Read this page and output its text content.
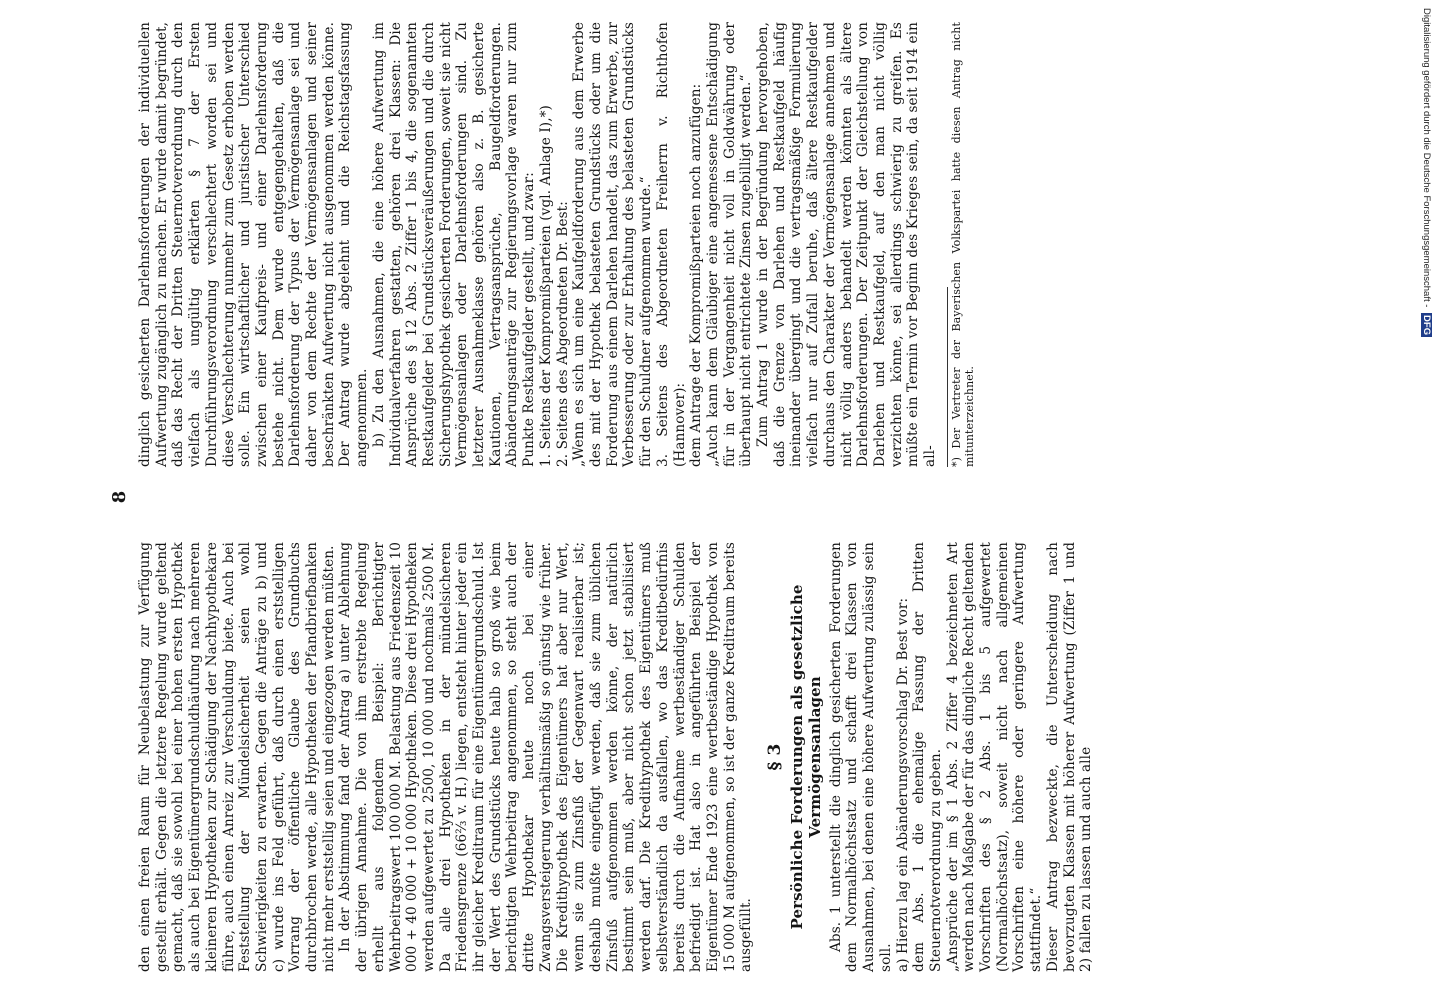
8

den einen freien Raum für Neubelastung zur Verfügung gestellt erhält. Gegen die letztere Regelung wurde geltend gemacht, daß sie sowohl bei einer hohen ersten Hypothek als auch bei Eigentümergrundschuldhäufung nach mehreren kleineren Hypotheken zur Schädigung der Nachhypothekare führe, auch einen Anreiz zur Verschuldung biete. Auch bei Feststellung der Mündelsicherheit seien wohl Schwierigkeiten zu erwarten. Gegen die Anträge zu b) und c) wurde ins Feld geführt, daß durch einen erststelligen Vorrang der öffentliche Glaube des Grundbuchs durchbrochen werde, alle Hypotheken der Pfandbriefbanken nicht mehr erststellig seien und eingezogen werden müßten. In der Abstimmung fand der Antrag a) unter Ablehnung der übrigen Annahme. Die von ihm erstrebte Regelung erhellt aus folgendem Beispiel: Berichtigter Wehrbeitragswert 100 000 M. Belastung aus Friedenszeit 10 000 + 40 000 + 10 000 Hypotheken. Diese drei Hypotheken werden aufgewertet zu 2500, 10 000 und nochmals 2500 M. Da alle drei Hypotheken in der mündelsicheren Friedensgrenze (66⅔ v. H.) liegen, entsteht hinter jeder ein ihr gleicher Kreditraum für eine Eigentümergrundschuld. Ist der Wert des Grundstücks heute halb so groß wie beim berichtigten Wehrbeitrag angenommen, so steht auch der dritte Hypothekar heute noch bei einer Zwangsversteigerung verhältnismäßig so günstig wie früher. Die Kredithypothek des Eigentümers hat aber nur Wert, wenn sie zum Zinsfuß der Gegenwart realisierbar ist; deshalb mußte eingefügt werden, daß sie zum üblichen Zinsfuß aufgenommen werden könne, der natürlich bestimmt sein muß, aber nicht schon jetzt stabilisiert werden darf. Die Kredithypothek des Eigentümers muß selbstverständlich da ausfallen, wo das Kreditbedürfnis bereits durch die Aufnahme wertbeständiger Schulden befriedigt ist. Hat also in angeführten Beispiel der Eigentümer Ende 1923 eine wertbeständige Hypothek von 15 000 M aufgenommen, so ist der ganze Kreditraum bereits ausgefüllt.

§ 3 Persönliche Forderungen als gesetzliche Vermögensanlagen Abs. 1 unterstellt die dinglich gesicherten Forderungen dem Normalhöchstsatz und schafft drei Klassen von Ausnahmen, bei denen eine höhere Aufwertung zulässig sein soll. a) Hierzu lag ein Abänderungsvorschlag Dr. Best vor: dem Abs. 1 die ehemalige Fassung der Dritten Steuernotverordnung zu geben. „Ansprüche der im § 1 Abs. 2 Ziffer 4 bezeichneten Art werden nach Maßgabe der für das dingliche Recht geltenden Vorschriften des § 2 Abs. 1 bis 5 aufgewertet (Normalhöchstsatz), soweit nicht nach allgemeinen Vorschriften eine höhere oder geringere Aufwertung stattfindet.“ Dieser Antrag bezweckte, die Unterscheidung nach bevorzugten Klassen mit höherer Aufwertung (Ziffer 1 und 2) fallen zu lassen und auch alle

dinglich gesicherten Darlehnsforderungen der individuellen Aufwertung zugänglich zu machen. Er wurde damit begründet, daß das Recht der Dritten Steuernotverordnung durch den vielfach als ungültig erklärten § 7 der Ersten Durchführungsverordnung verschlechtert worden sei und diese Verschlechterung nunmehr zum Gesetz erhoben werden solle. Ein wirtschaftlicher und juristischer Unterschied zwischen einer Kaufpreis- und einer Darlehnsforderung bestehe nicht. Dem wurde entgegengehalten, daß die Darlehnsforderung der Typus der Vermögensanlage sei und daher von dem Rechte der Vermögensanlagen und seiner beschränkten Aufwertung nicht ausgenommen werden könne. Der Antrag wurde abgelehnt und die Reichstagsfassung angenommen. b) Zu den Ausnahmen, die eine höhere Aufwertung im Individualverfahren gestatten, gehören drei Klassen: Die Ansprüche des § 12 Abs. 2 Ziffer 1 bis 4, die sogenannten Restkaufgelder bei Grundstücksveräußerungen und die durch Sicherungshypothek gesicherten Forderungen, soweit sie nicht Vermögensanlagen oder Darlehnsforderungen sind. Zu letzterer Ausnahmeklasse gehören also z. B. gesicherte Kautionen, Vertragsansprüche, Baugeldforderungen. Abänderungsanträge zur Regierungsvorlage waren nur zum Punkte Restkaufgelder gestellt, und zwar: 1. Seitens der Kompromißparteien (vgl. Anlage I),*) 2. Seitens des Abgeordneten Dr. Best: „Wenn es sich um eine Kaufgeldforderung aus dem Erwerbe des mit der Hypothek belasteten Grundstücks oder um die Forderung aus einem Darlehen handelt, das zum Erwerbe, zur Verbesserung oder zur Erhaltung des belasteten Grundstücks für den Schuldner aufgenommen wurde.“ 3. Seitens des Abgeordneten Freiherrn v. Richthofen (Hannover): dem Antrage der Kompromißparteien noch anzufügen: „Auch kann dem Gläubiger eine angemessene Entschädigung für in der Vergangenheit nicht voll in Goldwährung oder überhaupt nicht entrichtete Zinsen zugebilligt werden.“ Zum Antrag 1 wurde in der Begründung hervorgehoben, daß die Grenze von Darlehen und Restkaufgeld häufig ineinander übergingt und die vertragsmäßige Formulierung vielfach nur auf Zufall beruhe, daß ältere Restkaufgelder durchaus den Charakter der Vermögensanlage annehmen und nicht völlig anders behandelt werden könnten als ältere Darlehnsforderungen. Der Zeitpunkt der Gleichstellung von Darlehen und Restkaufgeld, auf den man nicht völlig verzichten könne, sei allerdings schwierig zu greifen. Es müßte ein Termin vor Beginn des Krieges sein, da seit 1914 ein all- *) Der Vertreter der Bayerischen Volkspartei hatte diesen Antrag nicht mitunterzeichnet.

Digitalisierung gefördert durch die Deutsche Forschungsgemeinschaft - DFG
